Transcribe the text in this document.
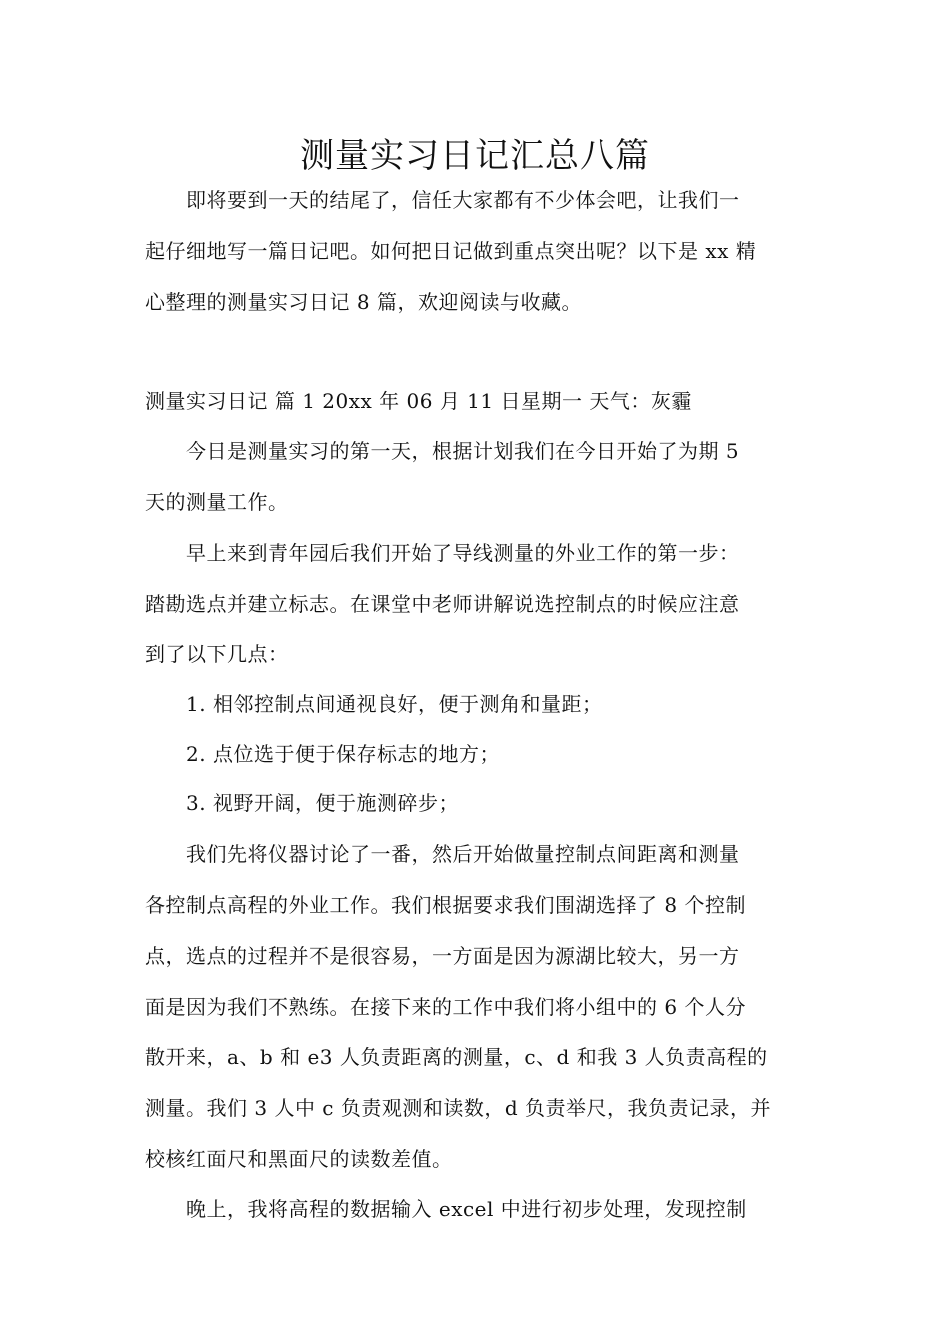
测量实习日记汇总八篇
　　即将要到一天的结尾了，信任大家都有不少体会吧，让我们一
起仔细地写一篇日记吧。如何把日记做到重点突出呢？以下是 xx 精
心整理的测量实习日记 8 篇，欢迎阅读与收藏。
测量实习日记 篇 1 20xx 年 06 月 11 日星期一 天气：灰霾
　　今日是测量实习的第一天，根据计划我们在今日开始了为期 5
天的测量工作。
　　早上来到青年园后我们开始了导线测量的外业工作的第一步：
踏勘选点并建立标志。在课堂中老师讲解说选控制点的时候应注意
到了以下几点：
　　1. 相邻控制点间通视良好，便于测角和量距；
　　2. 点位选于便于保存标志的地方；
　　3. 视野开阔，便于施测碎步；
　　我们先将仪器讨论了一番，然后开始做量控制点间距离和测量
各控制点高程的外业工作。我们根据要求我们围湖选择了 8 个控制
点，选点的过程并不是很容易，一方面是因为源湖比较大，另一方
面是因为我们不熟练。在接下来的工作中我们将小组中的 6 个人分
散开来，a、b 和 e3 人负责距离的测量，c、d 和我 3 人负责高程的
测量。我们 3 人中 c 负责观测和读数，d 负责举尺，我负责记录，并
校核红面尺和黑面尺的读数差值。
　　晚上，我将高程的数据输入 excel 中进行初步处理，发现控制
